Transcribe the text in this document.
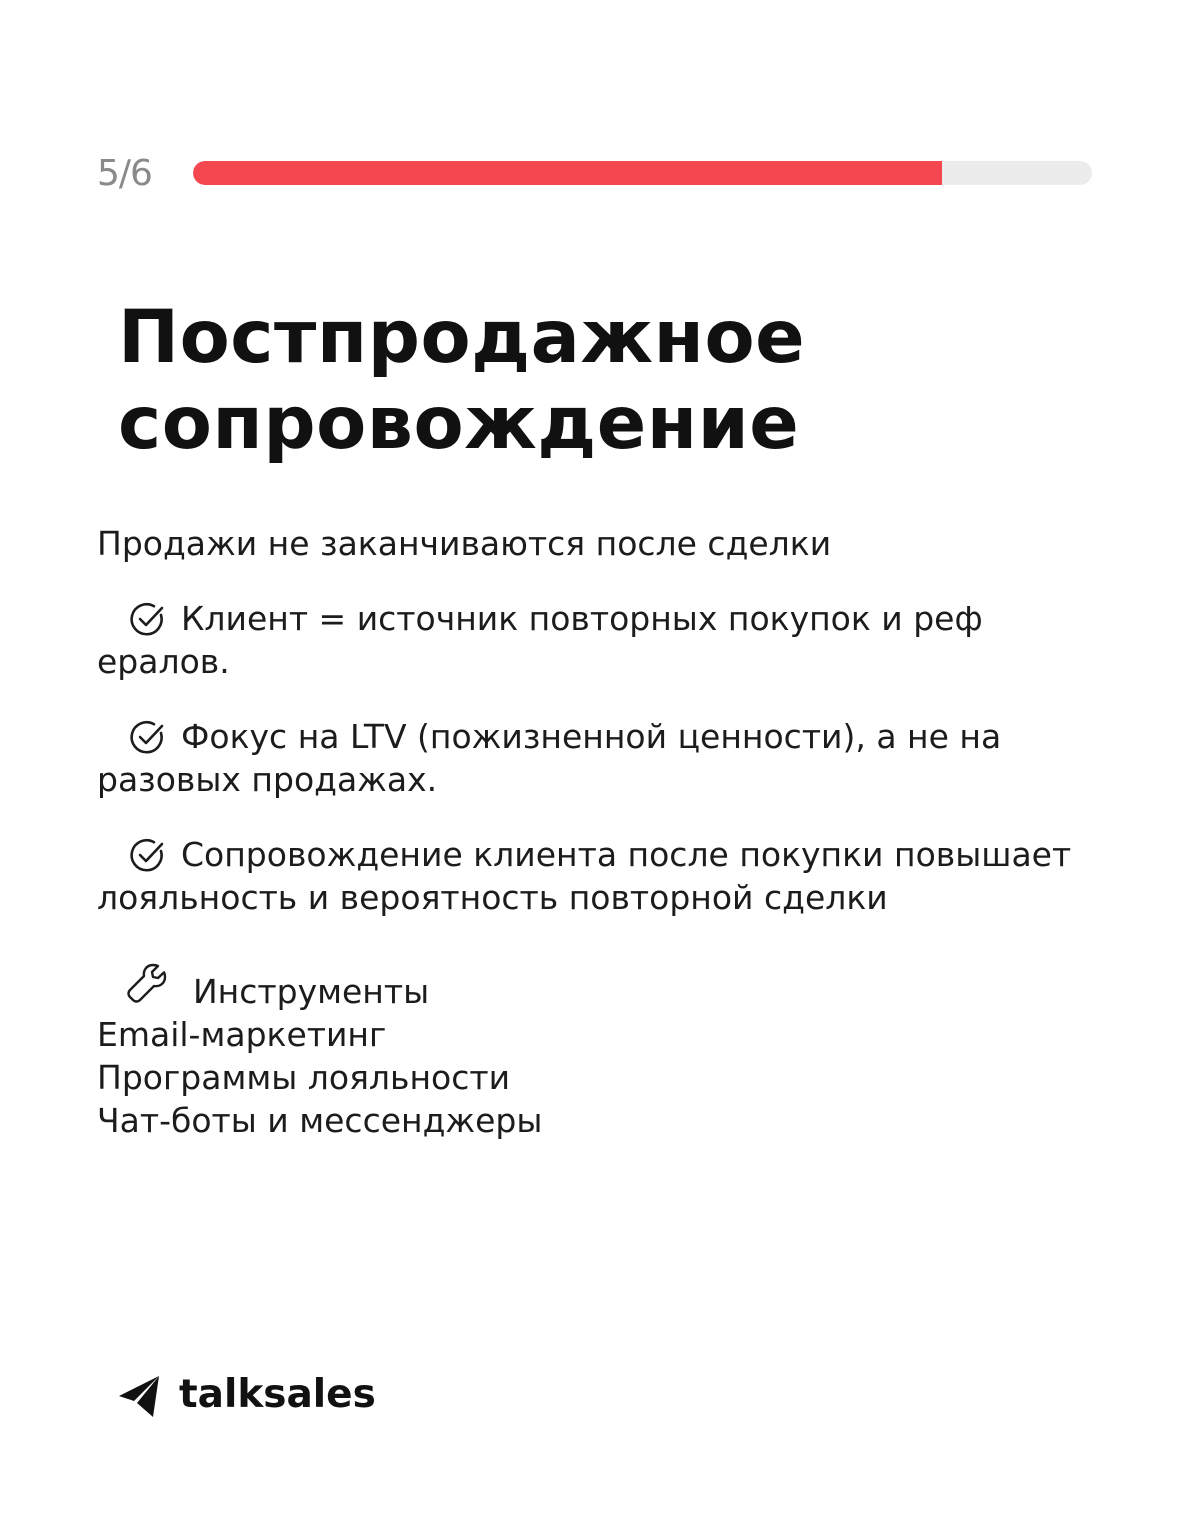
5/6
Постпродажное
сопровождение

Продажи не заканчиваются после сделки

Клиент = источник повторных покупок и реф ералов.

Фокус на LTV (пожизненной ценности), а не на разовых продажах.

Сопровождение клиента после покупки повышает лояльность и вероятность повторной сделки

Инструменты
Email-маркетинг
Программы лояльности
Чат-боты и мессенджеры
talksales
